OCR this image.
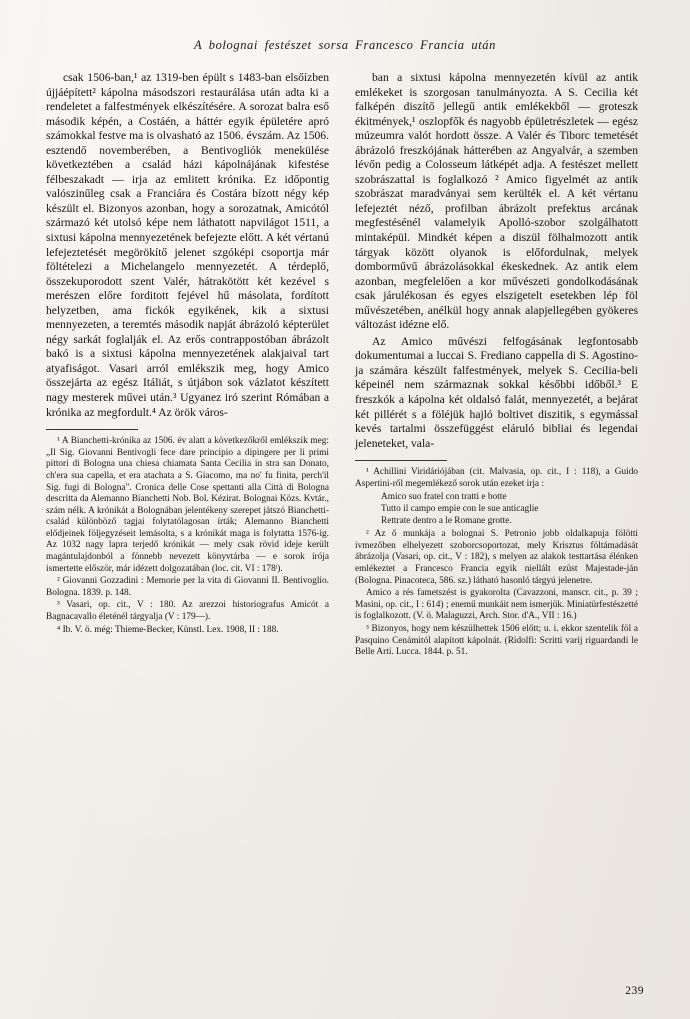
A bolognai festészet sorsa Francesco Francia után

csak 1506-ban,¹ az 1319-ben épült s 1483-ban elsőízben újjáépített² kápolna másodszori restaurálása után adta ki a rendeletet a falfestmények elkészítésére. A sorozat balra eső második képén, a Costáén, a háttér egyik épületére apró számokkal festve ma is olvasható az 1506. évszám. Az 1506. esztendő novemberében, a Bentivogliók menekülése következtében a család házi kápolnájának kifestése félbeszakadt — irja az emlitett krónika. Ez időpontig valószinűleg csak a Franciára és Costára bízott négy kép készült el. Bizonyos azonban, hogy a sorozatnak, Amicótól származó két utolsó képe nem láthatott napvilágot 1511, a sixtusi kápolna mennyezetének befejezte előtt. A két vértanú lefejeztetését megörökítő jelenet szgóképi csoportja már föltételezi a Michelangelo mennyezetét. A térdeplő, összekuporodott szent Valér, hátrakötött két kezével s merészen előre forditott fejével hű másolata, fordított helyzetben, ama fickók egyikének, kik a sixtusi mennyezeten, a teremtés második napját ábrázoló képterület négy sarkát foglalják el. Az erős contrappostóban ábrázolt bakó is a sixtusi kápolna mennyezetének alakjaival tart atyafiságot. Vasari arról emlékszik meg, hogy Amico összejárta az egész Itáliát, s útjábon sok vázlatot készített nagy mesterek művei után.³ Ugyanez iró szerint Rómában a krónika az megfordult.⁴ Az örök város-

¹ A Bianchetti-krónika az 1506. év alatt a következőkről emlékszik meg: „Il Sig. Giovanni Bentivogli fece dare principio a dipingere per li primi pittori di Bologna una chiesa chiamata Santa Cecilia in stra san Donato, ch'era sua capella, et era atachata a S. Giacomo, ma no' fu finita, perch'il Sig. fugi di Bologna". Cronica delle Cose spettanti alla Città di Bologna descritta da Alemanno Bianchetti Nob. Bol. Kézirat. Bolognai Közs. Kvtár., szám nélk. A krónikát a Bolognában jelentékeny szerepet játszó Bianchetti-család különböző tagjai folytatólagosan írták; Alemanno Bianchetti elődjeinek följegyzéseit lemásolta, s a krónikát maga is folytatta 1576-ig. Az 1032 nagy lapra terjedő krónikát — mely csak rövid ideje került magántulajdonból a fönnebb nevezett könyvtárba — e sorok írója ismertette először, már idézett dolgozatában (loc. cit. VI : 178ˡ).

² Giovanni Gozzadini : Memorie per la vita di Giovanni II. Bentivoglio. Bologna. 1839. p. 148.

³ Vasari, op. cit., V : 180. Az arezzoi historiografus Amicót a Bagnacavallo életénél tárgyalja (V : 179—).

⁴ Ib. V. ö. még: Thieme-Becker, Künstl. Lex. 1908, II : 188.

ban a sixtusi kápolna mennyezetén kívül az antik emlékeket is szorgosan tanulmányozta. A S. Cecilia két falképén diszítő jellegű antik emlékekből — groteszk ékitmények,¹ oszlopfők és nagyobb épületrészletek — egész múzeumra valót hordott össze. A Valér és Tiborc temetését ábrázoló freszkójának hátterében az Angyalvár, a szemben lévőn pedig a Colosseum látképét adja. A festészet mellett szobrászattal is foglalkozó ² Amico figyelmét az antik szobrászat maradványai sem kerülték el. A két vértanu lefejeztét néző, profilban ábrázolt prefektus arcának megfestésénél valamelyik Apolló-szobor szolgálhatott mintaképül. Mindkét képen a diszül fölhalmozott antik tárgyak között olyanok is előfordulnak, melyek domborművű ábrázolásokkal ékeskednek. Az antik elem azonban, megfelelően a kor művészeti gondolkodásának csak járulékosan és egyes elszigetelt esetekben lép föl művészetében, anélkül hogy annak alapjellegében gyökeres változást idézne elő.

Az Amico művészi felfogásának legfontosabb dokumentumai a luccai S. Frediano cappella di S. Agostino-ja számára készült falfestmények, melyek S. Cecilia-beli képeinél nem származnak sokkal későbbi időből.³ E freszkók a kápolna két oldalsó falát, mennyezetét, a bejárat két pillérét s a föléjük hajló boltivet diszitik, s egymással kevés tartalmi összefüggést eláruló bibliai és legendai jeleneteket, vala-

¹ Achillini Viridáriójában (cit. Malvasia, op. cit., I : 118), a Guido Aspertini-ről megemlékező sorok után ezeket irja :

Amico suo fratel con tratti e botte
Tutto il campo empie con le sue anticaglie
Rettrate dentro a le Romane grotte.

² Az ő munkája a bolognai S. Petronio jobb oldalkapuja fölötti ívmezőben elhelyezett szoborcsoportozat, mely Krisztus föltámadását ábrázolja (Vasari, op. cit., V : 182), s melyen az alakok testtartása élénken emlékeztet a Francesco Francia egyik niellált ezüst Majestade-ján (Bologna. Pinacoteca, 586. sz.) látható hasonló tárgyú jelenetre.

Amico a rés fametszést is gyakorolta (Cavazzoni, manscr. cit., p. 39 ; Masini, op. cit., I : 614) ; enemű munkáit nem ismerjük. Miniatürfestészetté is foglalkozott. (V. ö. Malaguzzi, Arch. Stor. d'A., VII : 16.)

³ Bizonyos, hogy nem készülhettek 1506 előtt; u. i. ekkor szentelik föl a Pasquino Cenámitól alapított kápolnát. (Ridolfi: Scritti varij riguardandi le Belle Arti. Lucca. 1844. p. 51.

239
